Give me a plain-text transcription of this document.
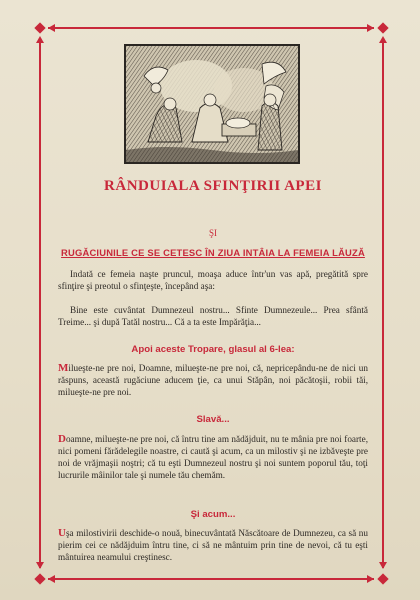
RÂNDUIALA SFINŢIRII APEI
ŞI
RUGĂCIUNILE CE SE CETESC ÎN ZIUA INTÂIA LA FEMEIA LĂUZĂ
Indată ce femeia naşte pruncul, moaşa aduce într'un vas apă, pregătită spre sfinţire şi preotul o sfinţeşte, începând aşa:
Bine este cuvântat Dumnezeul nostru... Sfinte Dumnezeule... Prea sfântă Treime... şi după Tatăl nostru... Că a ta este Impărăţia...
Apoi aceste Tropare, glasul al 6-lea:
Milueşte-ne pre noi, Doamne, milueşte-ne pre noi, că, nepricepându-ne de nici un răspuns, această rugăciune aducem ţie, ca unui Stăpân, noi păcătoşii, robii tăi, milueşte-ne pre noi.
Slavă...
Doamne, milueşte-ne pre noi, că întru tine am nădăjduit, nu te mânia pre noi foarte, nici pomeni fărădelegile noastre, ci caută şi acum, ca un milostiv şi ne izbăveşte pre noi de vrăjmaşii noştri; că tu eşti Dumnezeul nostru şi noi suntem poporul tău, toţi lucrurile mâinilor tale şi numele tău chemăm.
Şi acum...
Uşa milostivirii deschide-o nouă, binecuvântată Născătoare de Dumnezeu, ca să nu pierim cei ce nădăjduim întru tine, ci să ne mântuim prin tine de nevoi, că tu eşti mântuirea neamului creştinesc.
